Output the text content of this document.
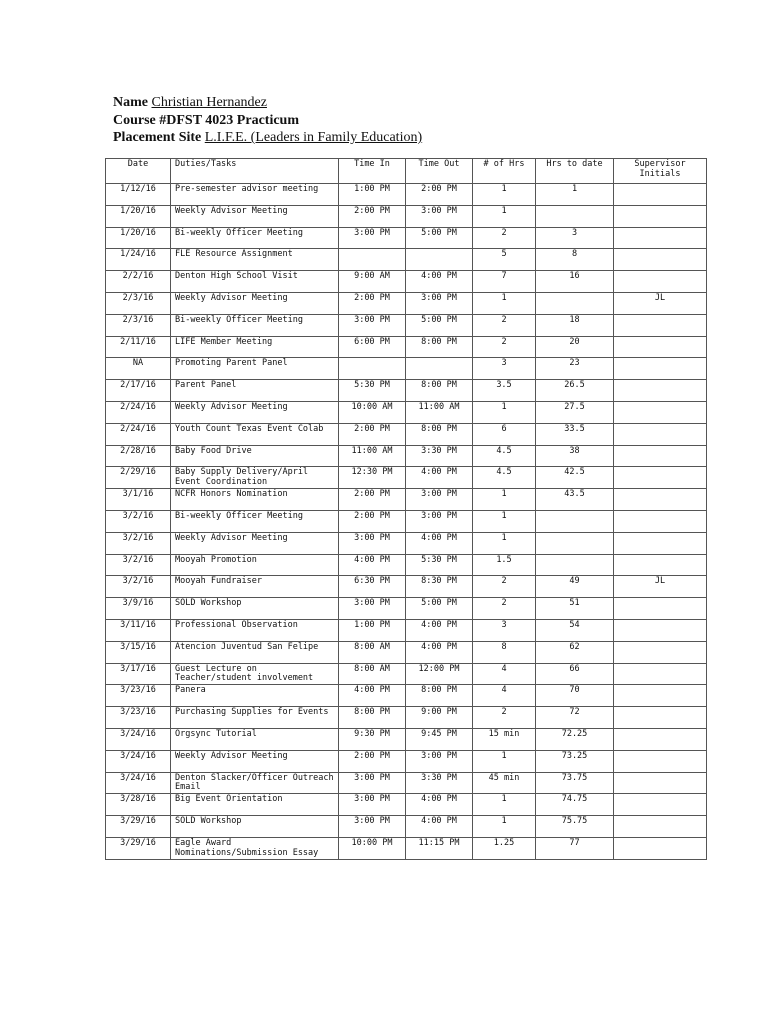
Name Christian Hernandez
Course #DFST 4023 Practicum
Placement Site L.I.F.E. (Leaders in Family Education)
Date	Duties/Tasks	Time In	Time Out	# of Hrs	Hrs to date	Supervisor Initials
1/12/16	Pre-semester advisor meeting	1:00 PM	2:00 PM	1	1	
1/20/16	Weekly Advisor Meeting	2:00 PM	3:00 PM	1		
1/20/16	Bi-weekly Officer Meeting	3:00 PM	5:00 PM	2	3	
1/24/16	FLE Resource Assignment			5	8	
2/2/16	Denton High School Visit	9:00 AM	4:00 PM	7	16	
2/3/16	Weekly Advisor Meeting	2:00 PM	3:00 PM	1		JL
2/3/16	Bi-weekly Officer Meeting	3:00 PM	5:00 PM	2	18	
2/11/16	LIFE Member Meeting	6:00 PM	8:00 PM	2	20	
NA	Promoting Parent Panel			3	23	
2/17/16	Parent Panel	5:30 PM	8:00 PM	3.5	26.5	
2/24/16	Weekly Advisor Meeting	10:00 AM	11:00 AM	1	27.5	
2/24/16	Youth Count Texas Event Colab	2:00 PM	8:00 PM	6	33.5	
2/28/16	Baby Food Drive	11:00 AM	3:30 PM	4.5	38	
2/29/16	Baby Supply Delivery/April Event Coordination	12:30 PM	4:00 PM	4.5	42.5	
3/1/16	NCFR Honors Nomination	2:00 PM	3:00 PM	1	43.5	
3/2/16	Bi-weekly Officer Meeting	2:00 PM	3:00 PM	1		
3/2/16	Weekly Advisor Meeting	3:00 PM	4:00 PM	1		
3/2/16	Mooyah Promotion	4:00 PM	5:30 PM	1.5		
3/2/16	Mooyah Fundraiser	6:30 PM	8:30 PM	2	49	JL
3/9/16	SOLD Workshop	3:00 PM	5:00 PM	2	51	
3/11/16	Professional Observation	1:00 PM	4:00 PM	3	54	
3/15/16	Atencion Juventud San Felipe	8:00 AM	4:00 PM	8	62	
3/17/16	Guest Lecture on Teacher/student involvement	8:00 AM	12:00 PM	4	66	
3/23/16	Panera	4:00 PM	8:00 PM	4	70	
3/23/16	Purchasing Supplies for Events	8:00 PM	9:00 PM	2	72	
3/24/16	Orgsync Tutorial	9:30 PM	9:45 PM	15 min	72.25	
3/24/16	Weekly Advisor Meeting	2:00 PM	3:00 PM	1	73.25	
3/24/16	Denton Slacker/Officer Outreach Email	3:00 PM	3:30 PM	45 min	73.75	
3/28/16	Big Event Orientation	3:00 PM	4:00 PM	1	74.75	
3/29/16	SOLD Workshop	3:00 PM	4:00 PM	1	75.75	
3/29/16	Eagle Award Nominations/Submission Essay	10:00 PM	11:15 PM	1.25	77	
